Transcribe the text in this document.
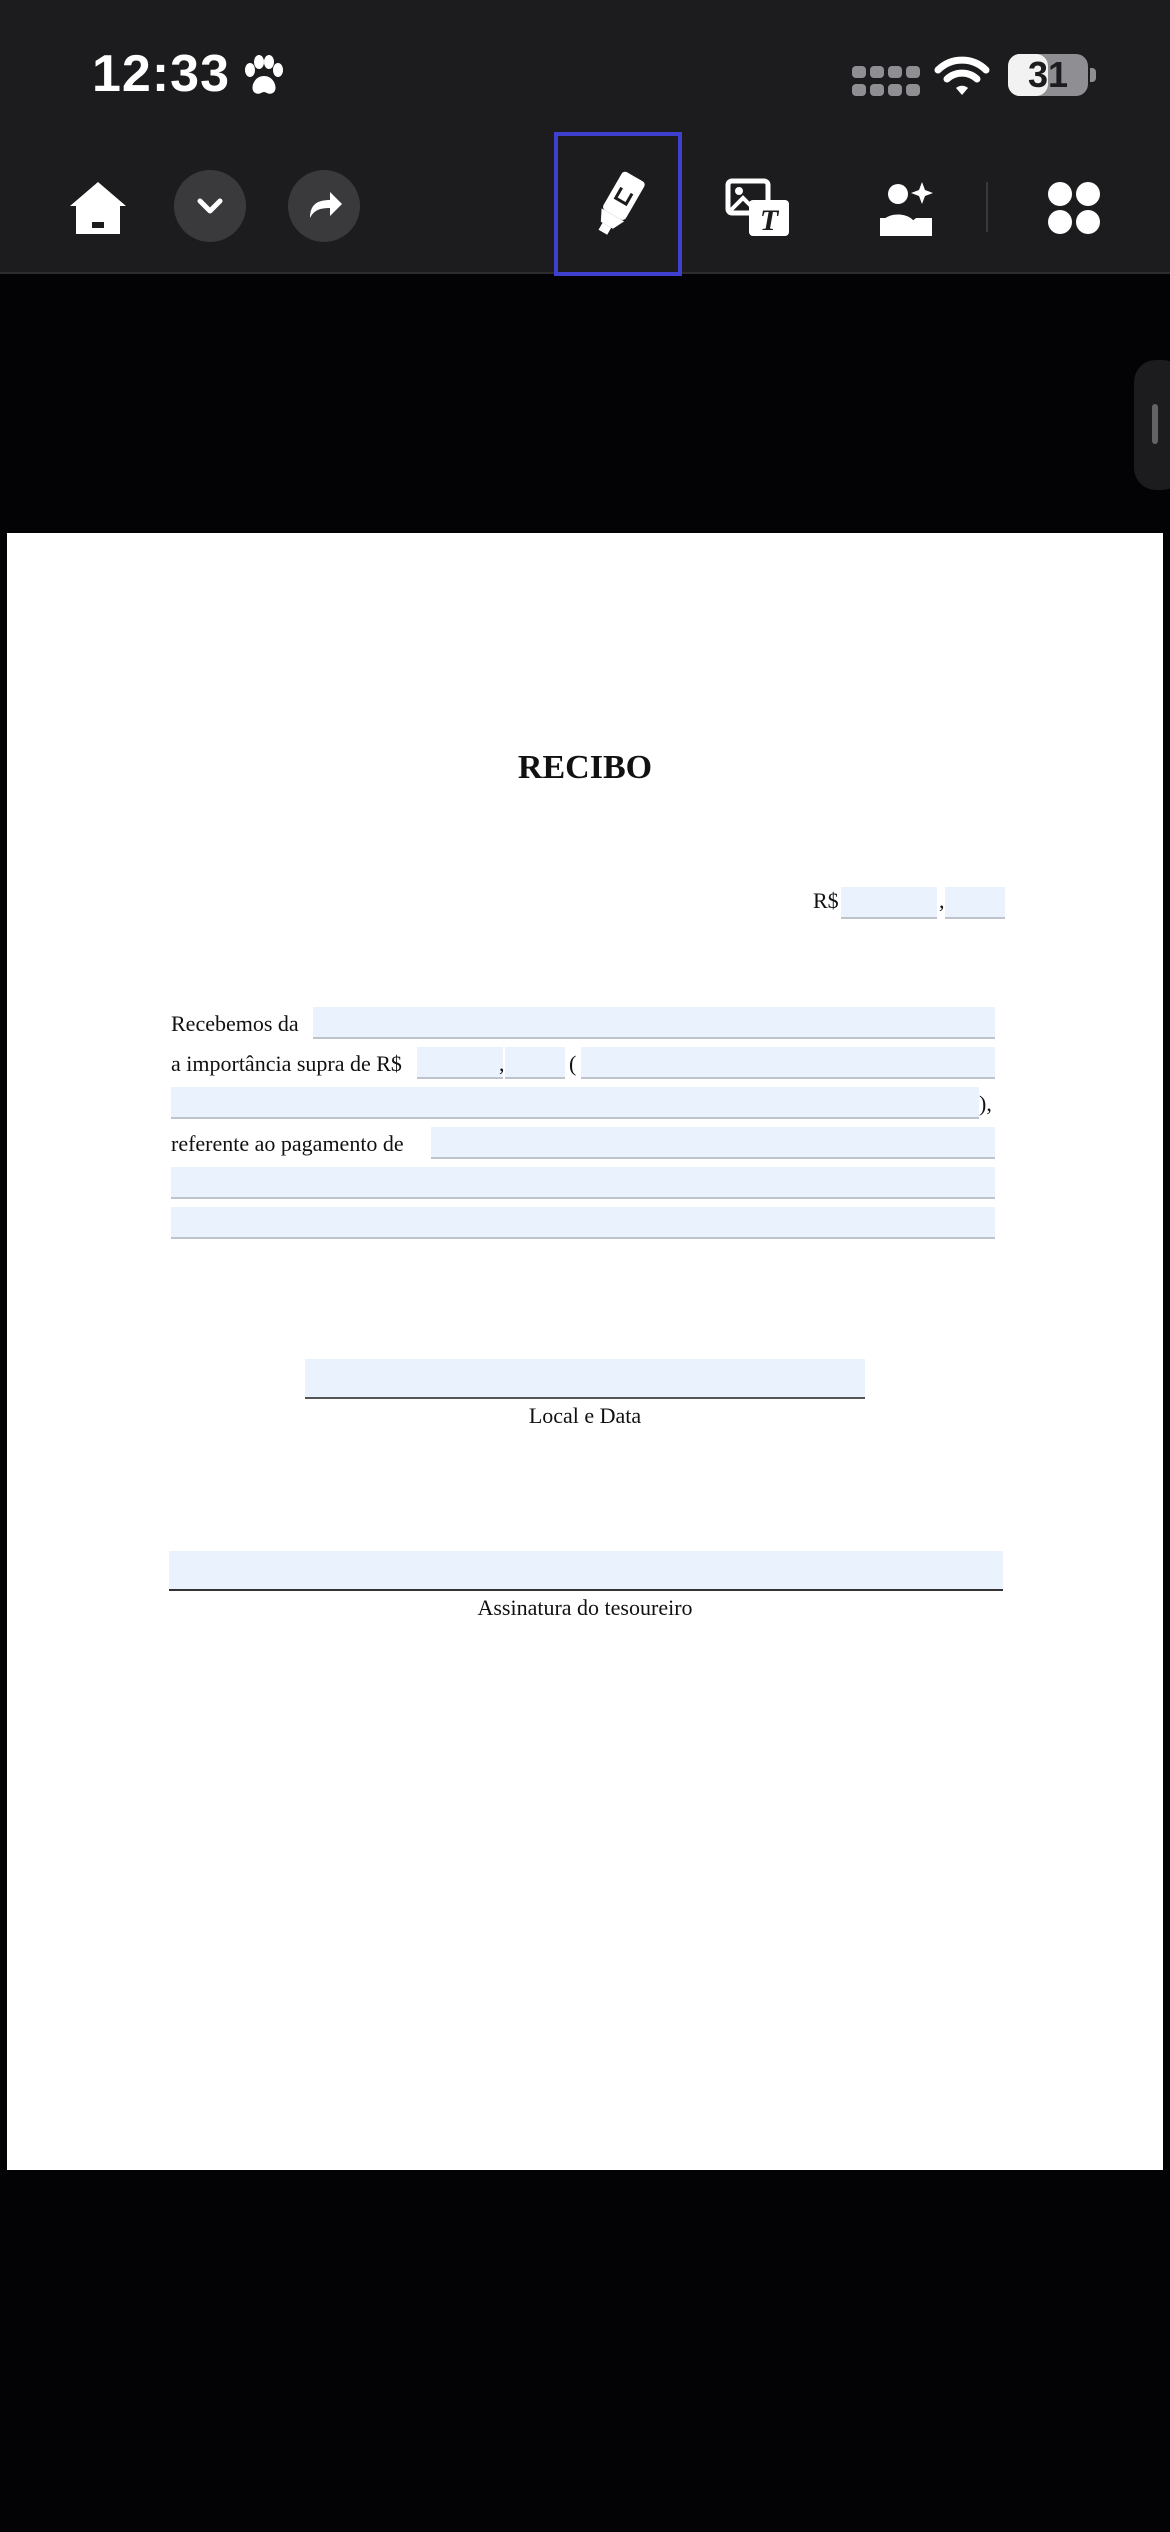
12:33	31
T
RECIBO
R$	,
Recebemos da
a importância supra de R$	,	(
),
referente ao pagamento de
Local e Data
Assinatura do tesoureiro
